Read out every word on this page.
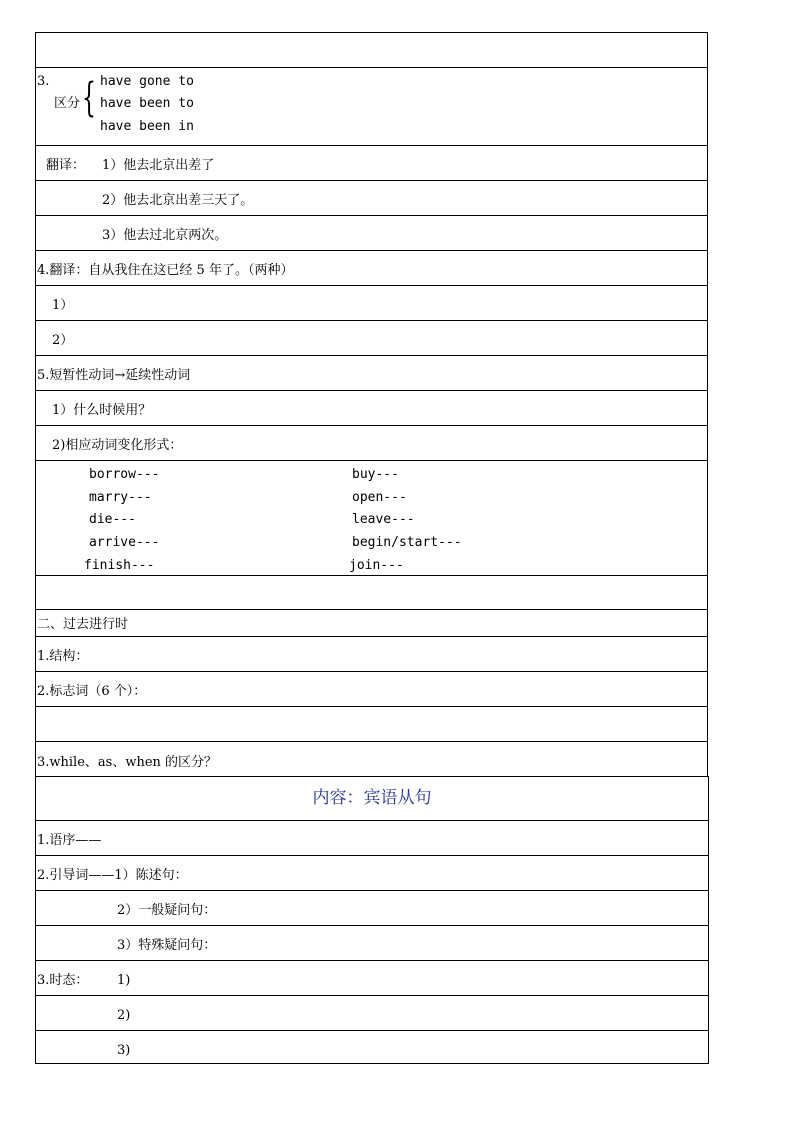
3.
区分 { have gone to
have been to
have been in
翻译： 1）他去北京出差了
2）他去北京出差三天了。
3）他去过北京两次。
4.翻译：自从我住在这已经 5 年了。（两种）
1）
2）
5.短暂性动词→延续性动词
1）什么时候用？
2)相应动词变化形式：
borrow---
marry---
die---
arrive---
finish---
buy---
open---
leave---
begin/start---
join---
二、过去进行时
1.结构：
2.标志词（6 个）：
3.while、as、when 的区分？
内容：宾语从句
1.语序——
2.引导词——1）陈述句：
2）一般疑问句：
3）特殊疑问句：
3.时态： 1)
2)
3)
